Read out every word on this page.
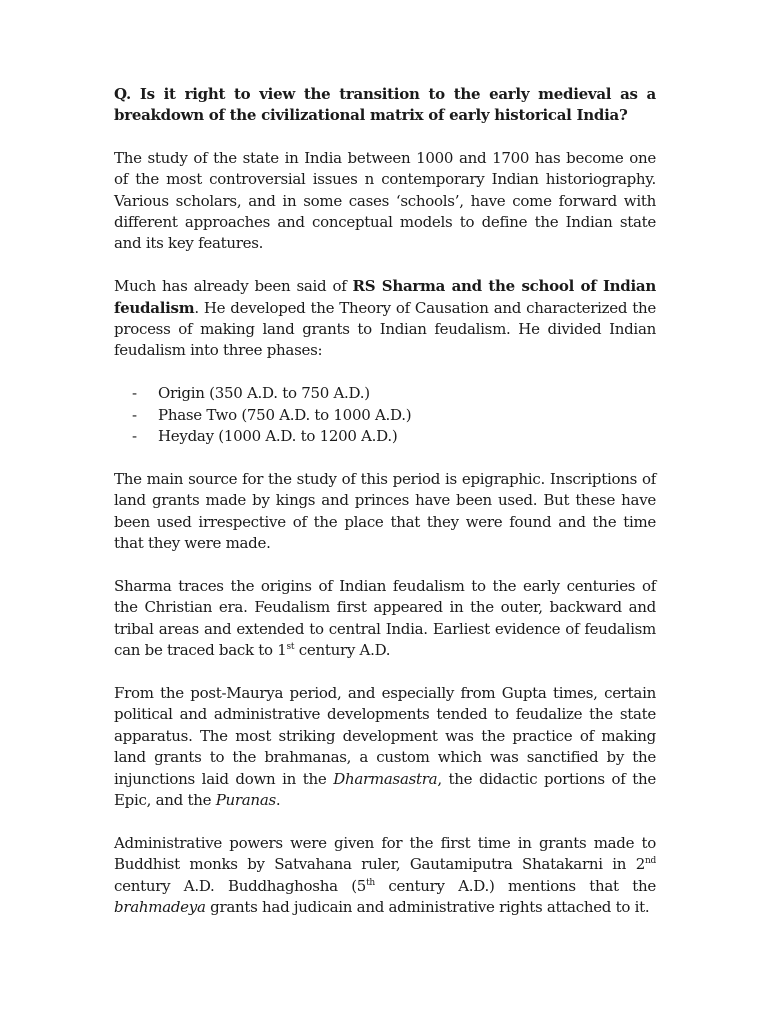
Q. Is it right to view the transition to the early medieval as a breakdown of the civilizational matrix of early historical India?

The study of the state in India between 1000 and 1700 has become one of the most controversial issues n contemporary Indian historiography. Various scholars, and in some cases ‘schools’, have come forward with different approaches and conceptual models to define the Indian state and its key features.

Much has already been said of RS Sharma and the school of Indian feudalism. He developed the Theory of Causation and characterized the process of making land grants to Indian feudalism. He divided Indian feudalism into three phases:

- Origin (350 A.D. to 750 A.D.)
- Phase Two (750 A.D. to 1000 A.D.)
- Heyday (1000 A.D. to 1200 A.D.)

The main source for the study of this period is epigraphic. Inscriptions of land grants made by kings and princes have been used. But these have been used irrespective of the place that they were found and the time that they were made.

Sharma traces the origins of Indian feudalism to the early centuries of the Christian era. Feudalism first appeared in the outer, backward and tribal areas and extended to central India. Earliest evidence of feudalism can be traced back to 1st century A.D.

From the post-Maurya period, and especially from Gupta times, certain political and administrative developments tended to feudalize the state apparatus. The most striking development was the practice of making land grants to the brahmanas, a custom which was sanctified by the injunctions laid down in the Dharmasastra, the didactic portions of the Epic, and the Puranas.

Administrative powers were given for the first time in grants made to Buddhist monks by Satvahana ruler, Gautamiputra Shatakarni in 2nd century A.D. Buddhaghosha (5th century A.D.) mentions that the brahmadeya grants had judicain and administrative rights attached to it.
